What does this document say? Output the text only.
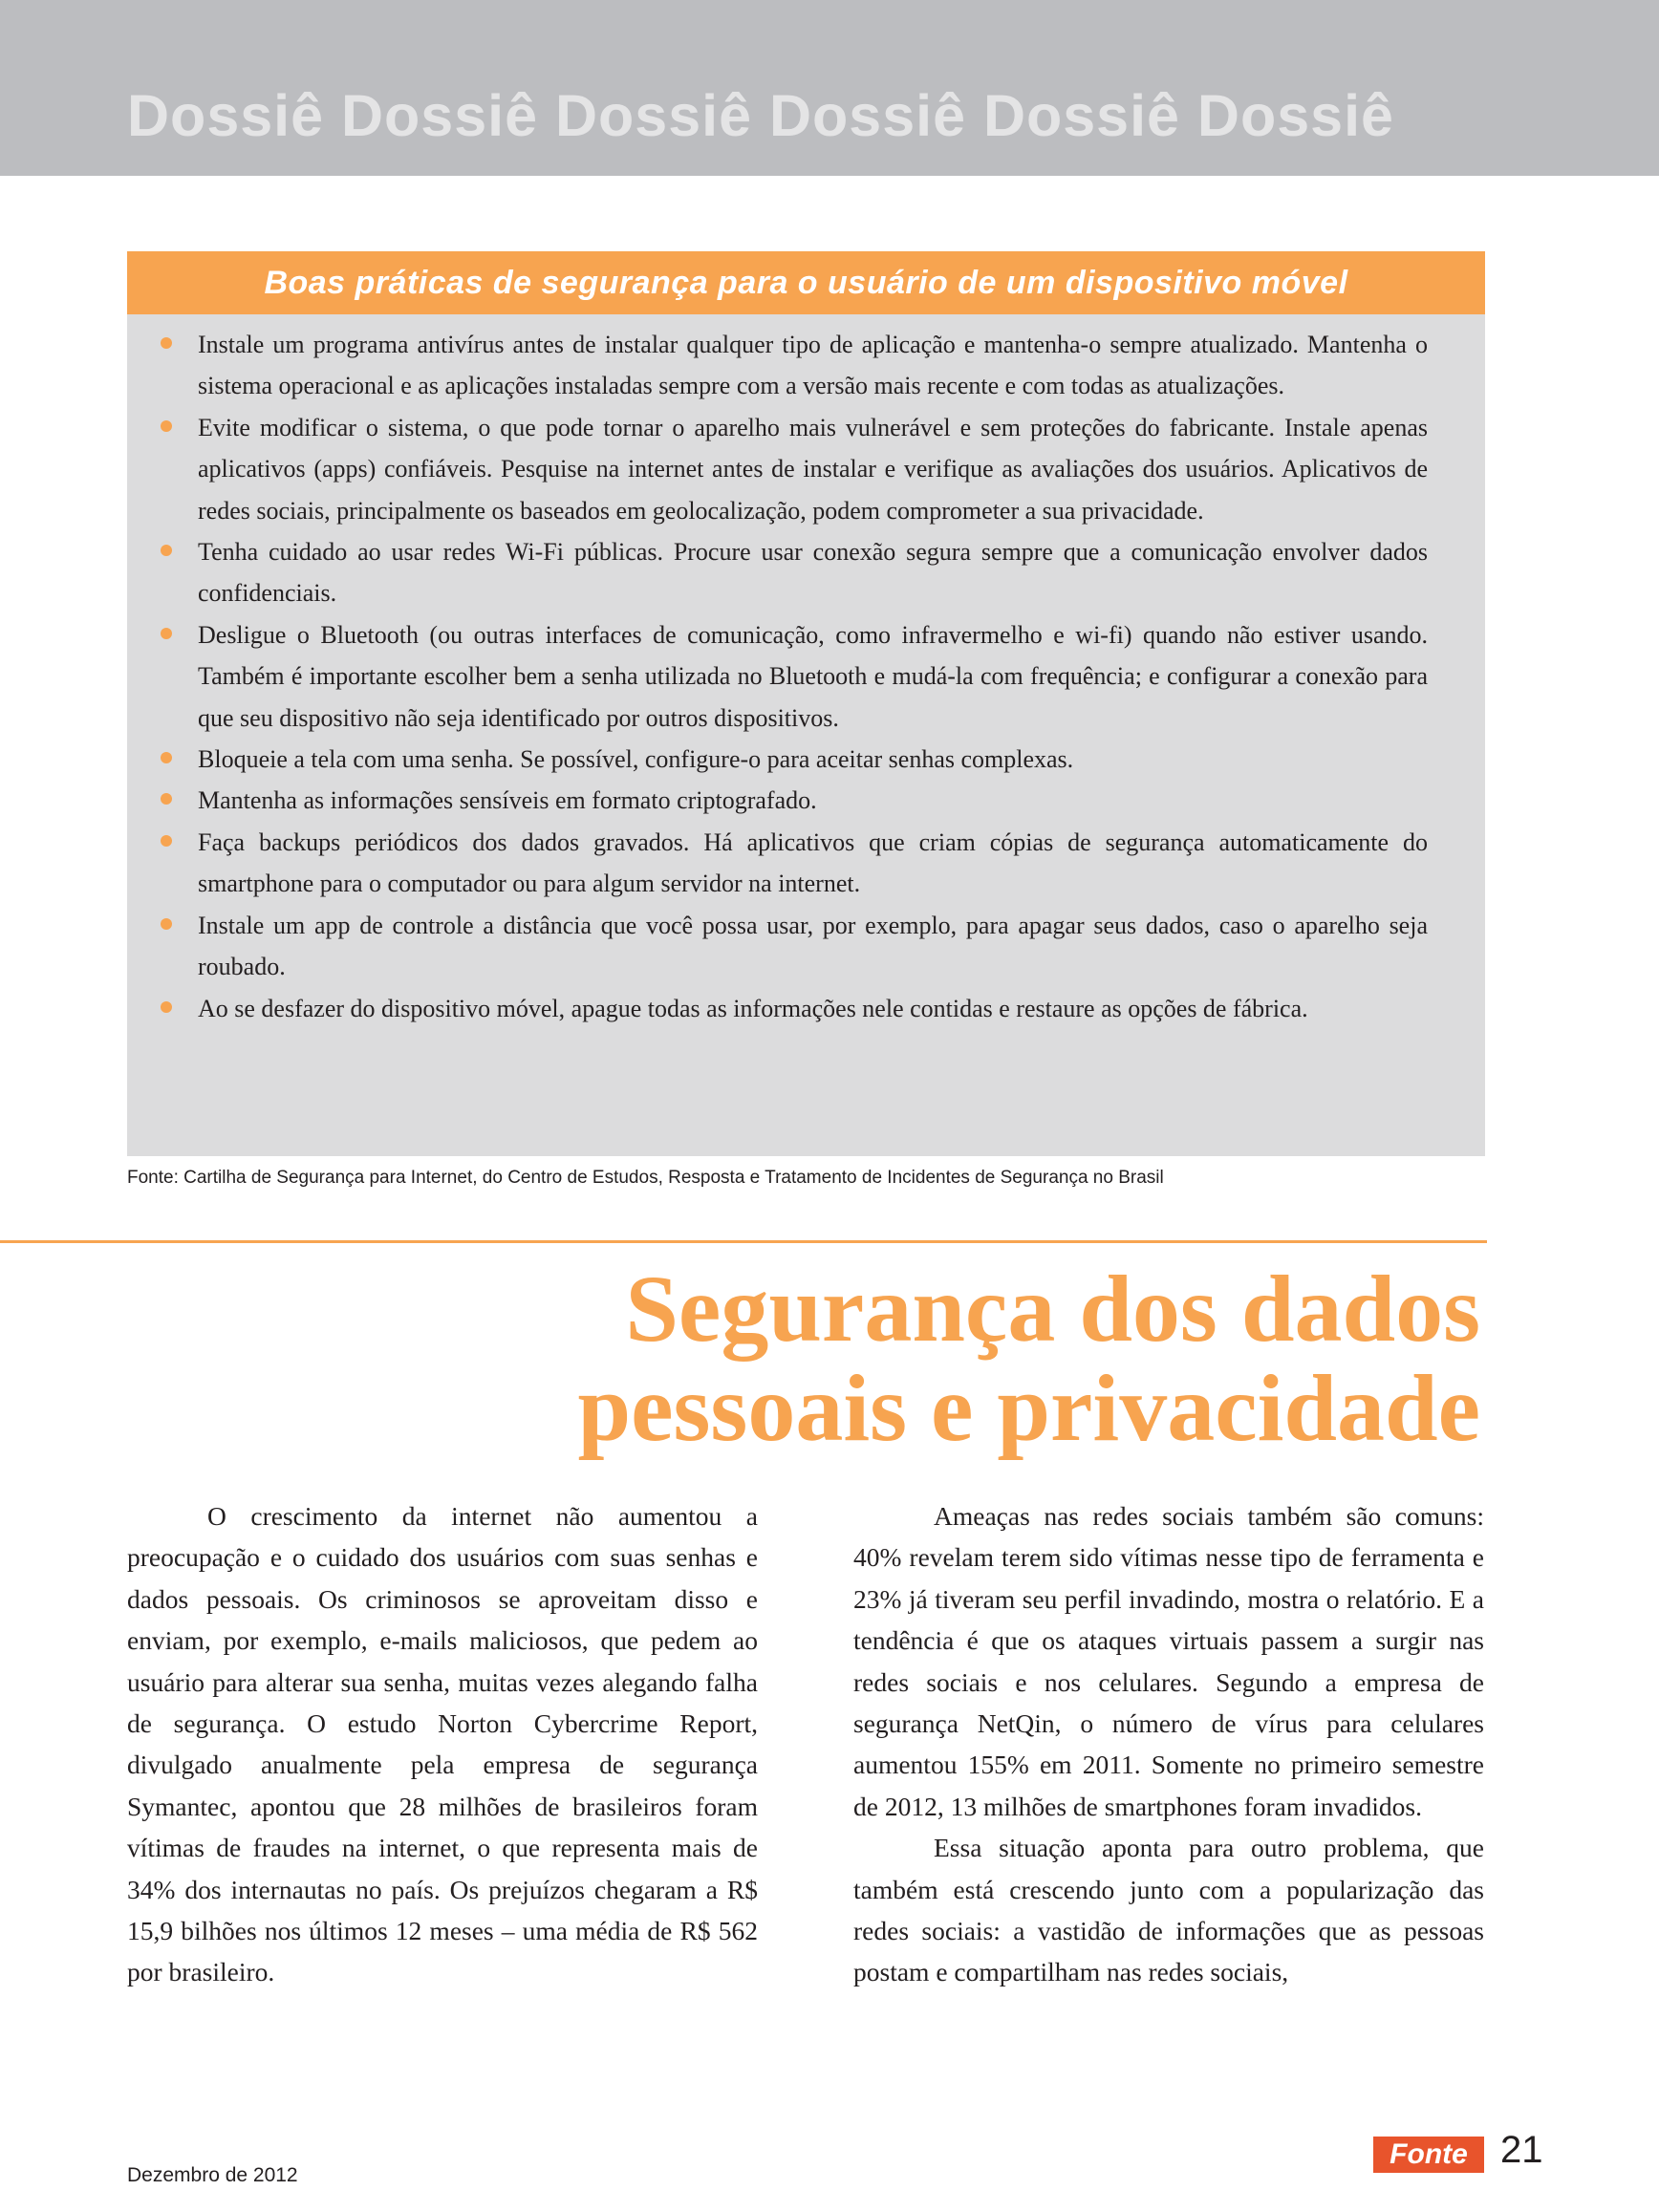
Dossiê Dossiê Dossiê Dossiê Dossiê Dossiê
Boas práticas de segurança para o usuário de um dispositivo móvel
Instale um programa antivírus antes de instalar qualquer tipo de aplicação e mantenha-o sempre atualizado. Mantenha o sistema operacional e as aplicações instaladas sempre com a versão mais recente e com todas as atualizações.
Evite modificar o sistema, o que pode tornar o aparelho mais vulnerável e sem proteções do fabricante. Instale apenas aplicativos (apps) confiáveis. Pesquise na internet antes de instalar e verifique as avaliações dos usuários. Aplicativos de redes sociais, principalmente os baseados em geolocalização, podem comprometer a sua privacidade.
Tenha cuidado ao usar redes Wi-Fi públicas. Procure usar conexão segura sempre que a comunicação envolver dados confidenciais.
Desligue o Bluetooth (ou outras interfaces de comunicação, como infravermelho e wi-fi) quando não estiver usando. Também é importante escolher bem a senha utilizada no Bluetooth e mudá-la com frequência; e configurar a conexão para que seu dispositivo não seja identificado por outros dispositivos.
Bloqueie a tela com uma senha. Se possível, configure-o para aceitar senhas complexas.
Mantenha as informações sensíveis em formato criptografado.
Faça backups periódicos dos dados gravados. Há aplicativos que criam cópias de segurança automaticamente do smartphone para o computador ou para algum servidor na internet.
Instale um app de controle a distância que você possa usar, por exemplo, para apagar seus dados, caso o aparelho seja roubado.
Ao se desfazer do dispositivo móvel, apague todas as informações nele contidas e restaure as opções de fábrica.
Fonte: Cartilha de Segurança para Internet, do Centro de Estudos, Resposta e Tratamento de Incidentes de Segurança no Brasil
Segurança dos dados
pessoais e privacidade

O crescimento da internet não aumentou a preocupação e o cuidado dos usuários com suas senhas e dados pessoais. Os criminosos se aproveitam disso e enviam, por exemplo, e-mails maliciosos, que pedem ao usuário para alterar sua senha, muitas vezes alegando falha de segurança. O estudo Norton Cybercrime Report, divulgado anualmente pela empresa de segurança Symantec, apontou que 28 milhões de brasileiros foram vítimas de fraudes na internet, o que representa mais de 34% dos internautas no país. Os prejuízos chegaram a R$ 15,9 bilhões nos últimos 12 meses – uma média de R$ 562 por brasileiro.

Ameaças nas redes sociais também são comuns: 40% revelam terem sido vítimas nesse tipo de ferramenta e 23% já tiveram seu perfil invadindo, mostra o relatório. E a tendência é que os ataques virtuais passem a surgir nas redes sociais e nos celulares. Segundo a empresa de segurança NetQin, o número de vírus para celulares aumentou 155% em 2011. Somente no primeiro semestre de 2012, 13 milhões de smartphones foram invadidos.

Essa situação aponta para outro problema, que também está crescendo junto com a popularização das redes sociais: a vastidão de informações que as pessoas postam e compartilham nas redes sociais,

Dezembro de 2012
Fonte 21
